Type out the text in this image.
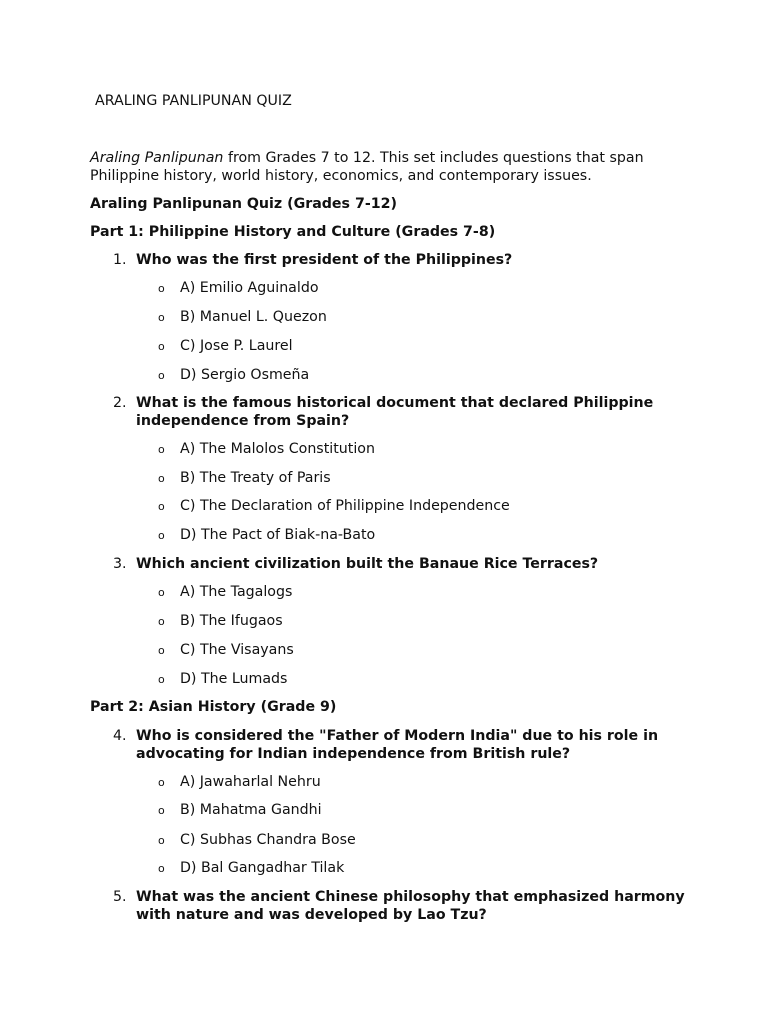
ARALING PANLIPUNAN QUIZ

Araling Panlipunan from Grades 7 to 12. This set includes questions that span Philippine history, world history, economics, and contemporary issues.

Araling Panlipunan Quiz (Grades 7-12)
Part 1: Philippine History and Culture (Grades 7-8)
1. Who was the first president of the Philippines?

o A) Emilio Aguinaldo

o B) Manuel L. Quezon

o C) Jose P. Laurel

o D) Sergio Osmeña

2. What is the famous historical document that declared Philippine independence from Spain?

o A) The Malolos Constitution

o B) The Treaty of Paris

o C) The Declaration of Philippine Independence

o D) The Pact of Biak-na-Bato

3. Which ancient civilization built the Banaue Rice Terraces?

o A) The Tagalogs

o B) The Ifugaos

o C) The Visayans

o D) The Lumads

Part 2: Asian History (Grade 9)
4. Who is considered the "Father of Modern India" due to his role in advocating for Indian independence from British rule?

o A) Jawaharlal Nehru

o B) Mahatma Gandhi

o C) Subhas Chandra Bose

o D) Bal Gangadhar Tilak

5. What was the ancient Chinese philosophy that emphasized harmony with nature and was developed by Lao Tzu?
